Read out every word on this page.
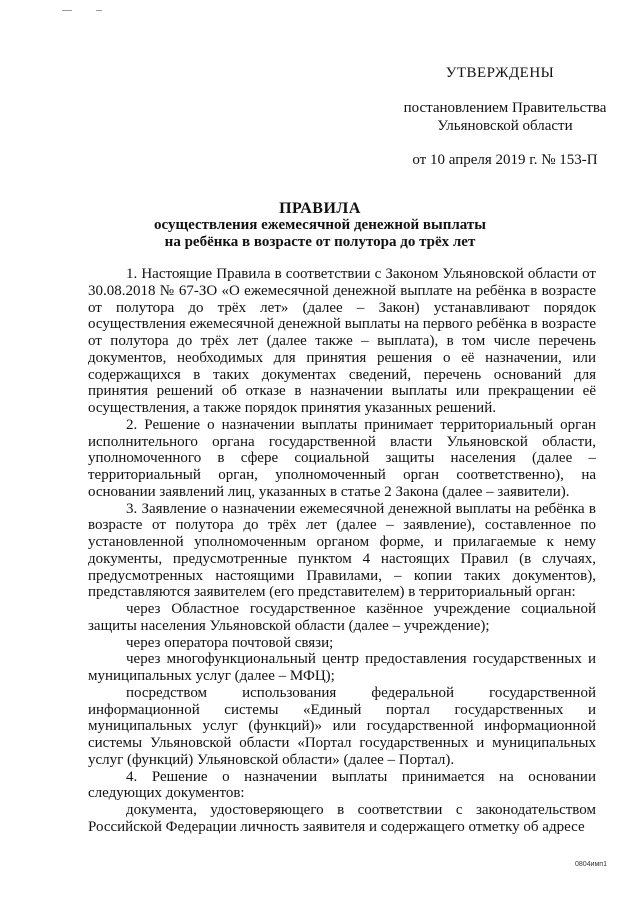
УТВЕРЖДЕНЫ
постановлением Правительства
Ульяновской области
от 10 апреля 2019 г. № 153-П
ПРАВИЛА
осуществления ежемесячной денежной выплаты
на ребёнка в возрасте от полутора до трёх лет

1. Настоящие Правила в соответствии с Законом Ульяновской области от 30.08.2018 № 67-ЗО «О ежемесячной денежной выплате на ребёнка в возрасте от полутора до трёх лет» (далее – Закон) устанавливают порядок осуществления ежемесячной денежной выплаты на первого ребёнка в возрасте от полутора до трёх лет (далее также – выплата), в том числе перечень документов, необходимых для принятия решения о её назначении, или содержащихся в таких документах сведений, перечень оснований для принятия решений об отказе в назначении выплаты или прекращении её осуществления, а также порядок принятия указанных решений.

2. Решение о назначении выплаты принимает территориальный орган исполнительного органа государственной власти Ульяновской области, уполномоченного в сфере социальной защиты населения (далее – территориальный орган, уполномоченный орган соответственно), на основании заявлений лиц, указанных в статье 2 Закона (далее – заявители).

3. Заявление о назначении ежемесячной денежной выплаты на ребёнка в возрасте от полутора до трёх лет (далее – заявление), составленное по установленной уполномоченным органом форме, и прилагаемые к нему документы, предусмотренные пунктом 4 настоящих Правил (в случаях, предусмотренных настоящими Правилами, – копии таких документов), представляются заявителем (его представителем) в территориальный орган:

через Областное государственное казённое учреждение социальной защиты населения Ульяновской области (далее – учреждение);

через оператора почтовой связи;

через многофункциональный центр предоставления государственных и муниципальных услуг (далее – МФЦ);

посредством использования федеральной государственной информационной системы «Единый портал государственных и муниципальных услуг (функций)» или государственной информационной системы Ульяновской области «Портал государственных и муниципальных услуг (функций) Ульяновской области» (далее – Портал).

4. Решение о назначении выплаты принимается на основании следующих документов:

документа, удостоверяющего в соответствии с законодательством Российской Федерации личность заявителя и содержащего отметку об адресе

0804имп1
